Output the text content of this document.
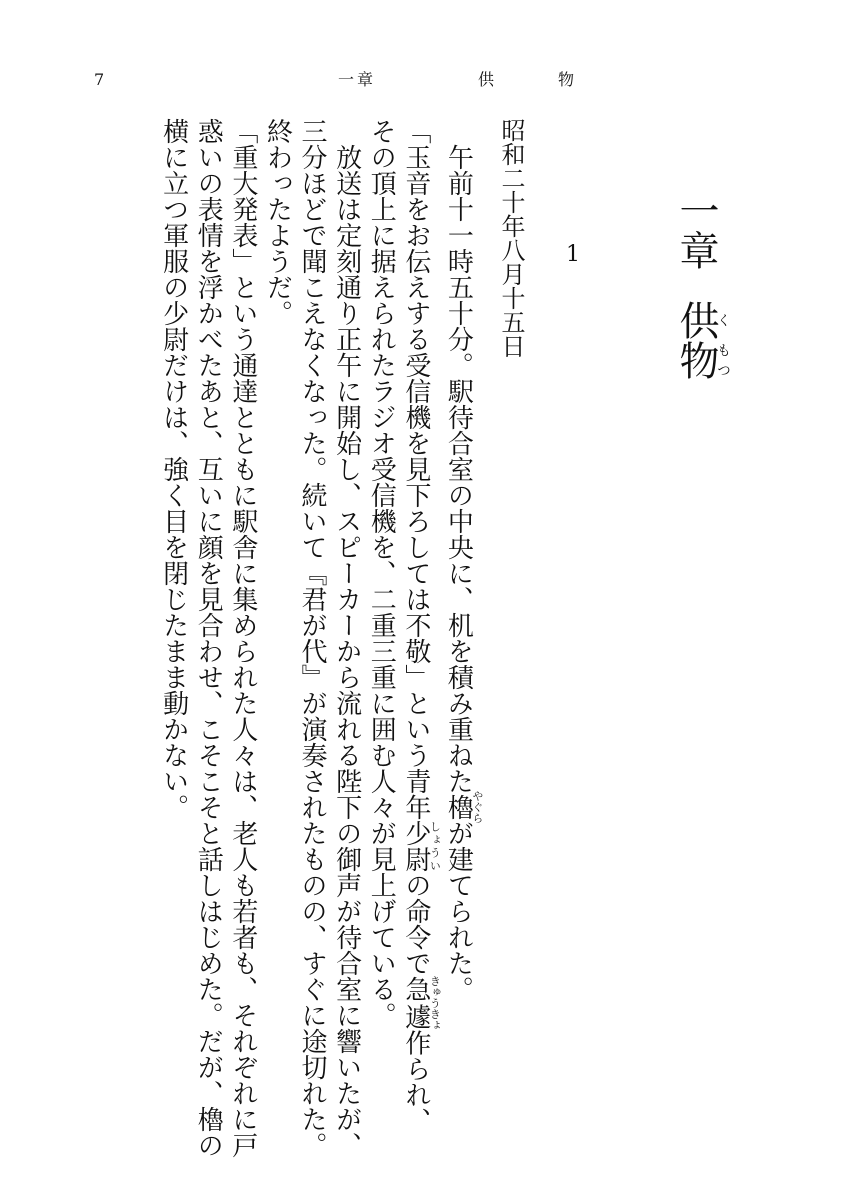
7	一章	供	物
一章供く物もつ
1

昭和二十年八月十五日

午前十一時五十分。駅待合室の中央に、机を積み重ねた櫓やぐらが建てられた。

「玉音をお伝えする受信機を見下ろしては不敬」という青年少尉しょういの命令で急遽きゅうきょ作られ、その頂上に据えられたラジオ受信機を、二重三重に囲む人々が見上げている。

放送は定刻通り正午に開始し、スピーカーから流れる陛下の御声が待合室に響いたが、三分ほどで聞こえなくなった。続いて『君が代』が演奏されたものの、すぐに途切れた。終わったようだ。

「重大発表」という通達とともに駅舎に集められた人々は、老人も若者も、それぞれに戸惑いの表情を浮かべたあと、互いに顔を見合わせ、こそこそと話しはじめた。だが、櫓の横に立つ軍服の少尉だけは、強く目を閉じたまま動かない。
